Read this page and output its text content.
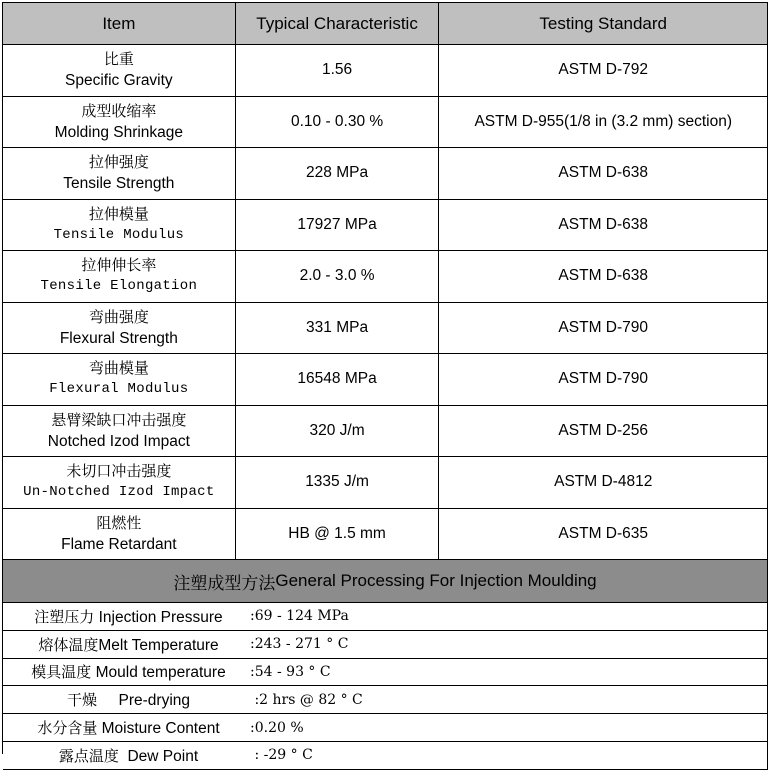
Item	Typical Characteristic	Testing Standard
比重
Specific Gravity
1.56	ASTM D-792
成型收缩率
Molding Shrinkage
0.10 - 0.30 %	ASTM D-955(1/8 in (3.2 mm) section)
拉伸强度
Tensile Strength
228 MPa	ASTM D-638
拉伸模量
Tensile Modulus
17927 MPa	ASTM D-638
拉伸伸长率
Tensile Elongation
2.0 - 3.0 %	ASTM D-638
弯曲强度
Flexural Strength
331 MPa	ASTM D-790
弯曲模量
Flexural Modulus
16548 MPa	ASTM D-790
悬臂梁缺口冲击强度
Notched Izod Impact
320 J/m	ASTM D-256
未切口冲击强度
Un-Notched Izod Impact
1335 J/m	ASTM D-4812
阻燃性
Flame Retardant
HB @ 1.5 mm	ASTM D-635
注塑成型方法 General Processing For Injection Moulding
注塑压力 Injection Pressure	:69 - 124 MPa
熔体温度Melt Temperature	:243 - 271 ° C
模具温度 Mould temperature	:54 - 93 ° C
干燥     Pre-drying	:2 hrs @ 82 ° C
水分含量 Moisture Content	:0.20 %
露点温度  Dew Point	: -29 ° C
